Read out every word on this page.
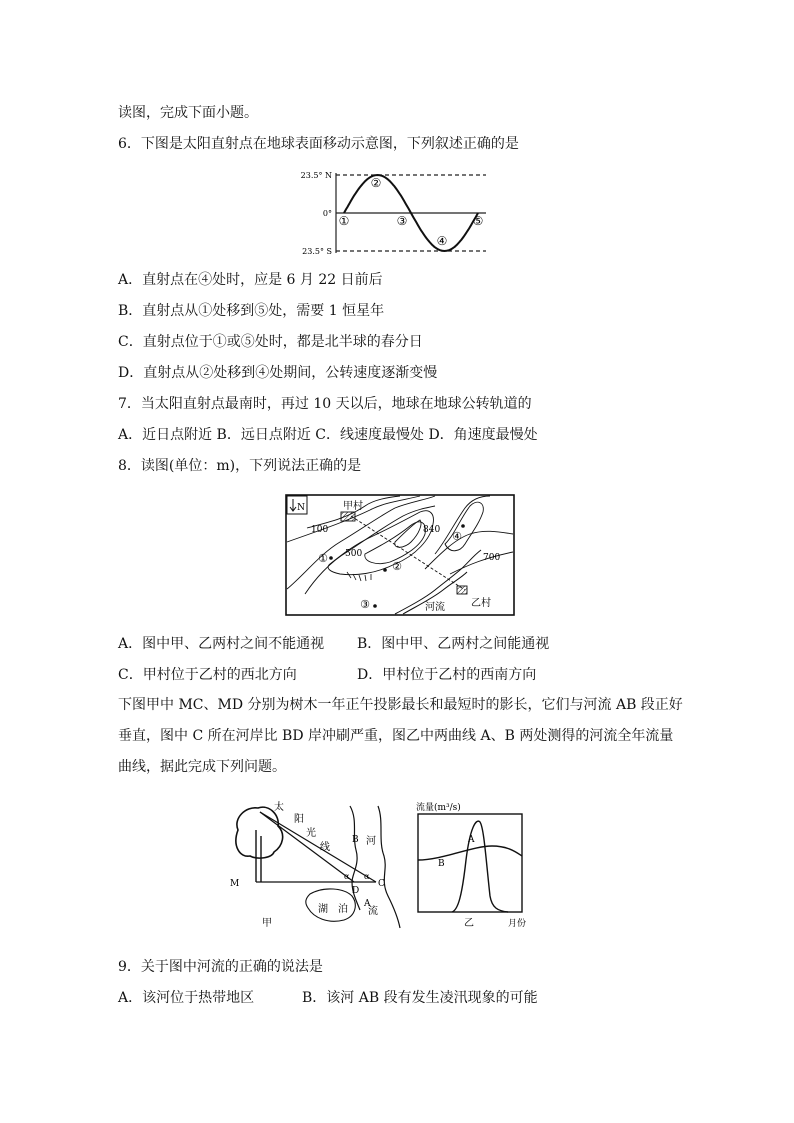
读图，完成下面小题。
6．下图是太阳直射点在地球表面移动示意图，下列叙述正确的是
23.5° N
0°
23.5° S
①
②
③
④
⑤
A．直射点在④处时，应是 6 月 22 日前后
B．直射点从①处移到⑤处，需要 1 恒星年
C．直射点位于①或⑤处时，都是北半球的春分日
D．直射点从②处移到④处期间，公转速度逐渐变慢
7．当太阳直射点最南时，再过 10 天以后，地球在地球公转轨道的
A．近日点附近 B．远日点附近 C．线速度最慢处 D．角速度最慢处
8．读图(单位：m)，下列说法正确的是
N	甲村
乙村
河流
100
500
840
700
①
②
③
④
A．图中甲、乙两村之间不能通视 B．图中甲、乙两村之间能通视
C．甲村位于乙村的西北方向	D．甲村位于乙村的西南方向
下图甲中 MC、MD 分别为树木一年正午投影最长和最短时的影长，它们与河流 AB 段正好垂直，图中 C 所在河岸比 BD 岸冲刷严重，图乙中两曲线 A、B 两处测得的河流全年流量曲线，据此完成下列问题。
太
阳
光
线
河
湖 泊 流
M
B
C
D
A
α α
甲
流量(m³/s)
A
B
乙	月份
9．关于图中河流的正确的说法是
A．该河位于热带地区	B．该河 AB 段有发生凌汛现象的可能
